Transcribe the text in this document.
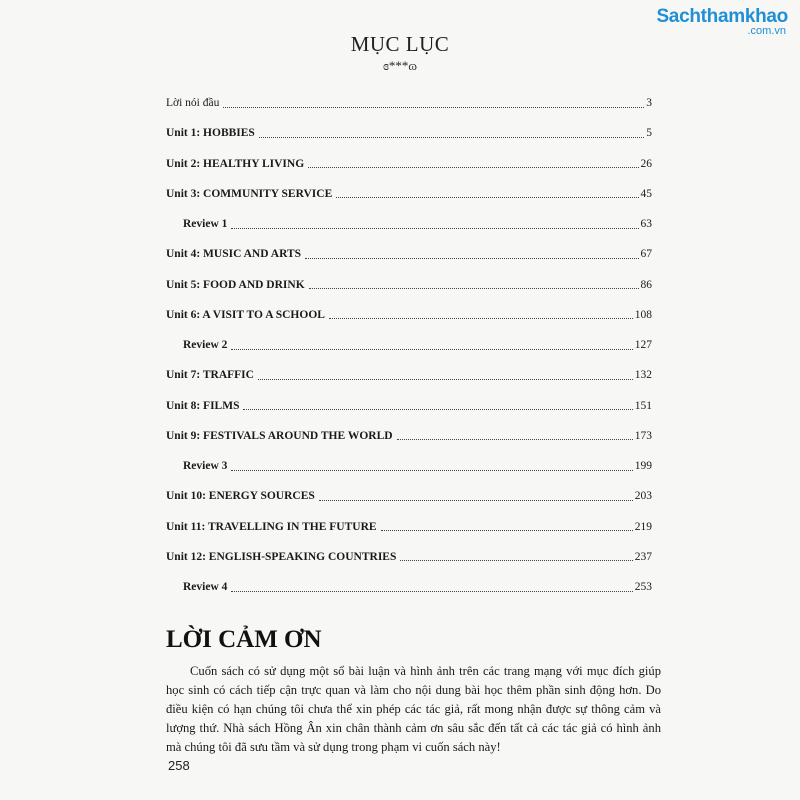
Sachthamkhao
.com.vn
MỤC LỤC
ɞ***ɷ
Lời nói đầu	3
Unit 1: HOBBIES	5
Unit 2: HEALTHY LIVING	26
Unit 3: COMMUNITY SERVICE	45
Review 1	63
Unit 4: MUSIC AND ARTS	67
Unit 5: FOOD AND DRINK	86
Unit 6: A VISIT TO A SCHOOL	108
Review 2	127
Unit 7: TRAFFIC	132
Unit 8: FILMS	151
Unit 9: FESTIVALS AROUND THE WORLD	173
Review 3	199
Unit 10: ENERGY SOURCES	203
Unit 11: TRAVELLING IN THE FUTURE	219
Unit 12: ENGLISH-SPEAKING COUNTRIES	237
Review 4	253
LỜI CẢM ƠN
Cuốn sách có sử dụng một số bài luận và hình ảnh trên các trang mạng với mục đích giúp học sinh có cách tiếp cận trực quan và làm cho nội dung bài học thêm phần sinh động hơn. Do điều kiện có hạn chúng tôi chưa thể xin phép các tác giả, rất mong nhận được sự thông cảm và lượng thứ. Nhà sách Hồng Ân xin chân thành cảm ơn sâu sắc đến tất cả các tác giả có hình ảnh mà chúng tôi đã sưu tầm và sử dụng trong phạm vi cuốn sách này!
258
